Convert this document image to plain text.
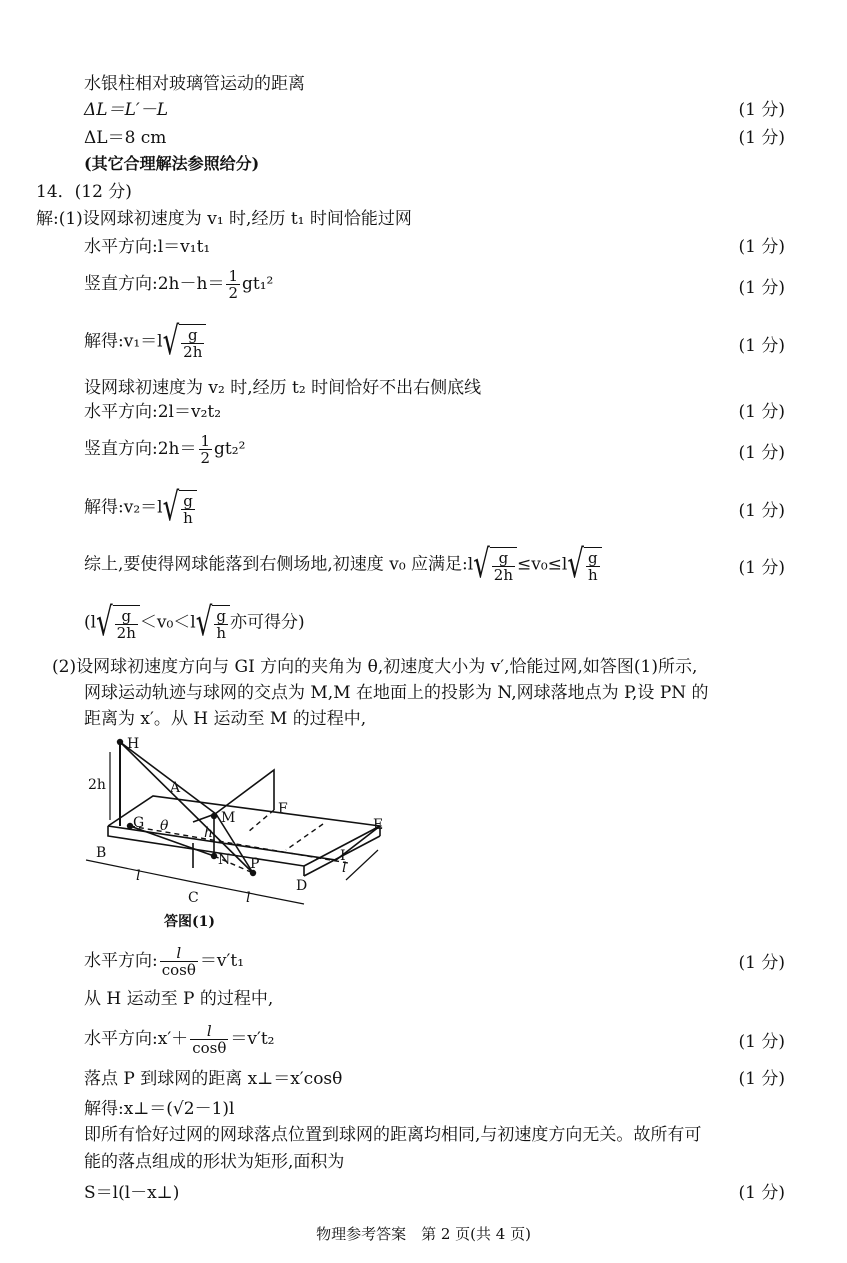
水银柱相对玻璃管运动的距离
ΔL＝L′－L	(1 分)
ΔL＝8 cm	(1 分)
(其它合理解法参照给分)
14．(12 分)
解:(1)设网球初速度为 v₁ 时,经历 t₁ 时间恰能过网
水平方向:l＝v₁t₁	(1 分)
竖直方向:2h－h＝ $\frac{1}{2} gt_1^2$	(1 分)
解得:v₁＝l√ $\frac{g}{2h}$	(1 分)
设网球初速度为 v₂ 时,经历 t₂ 时间恰好不出右侧底线
水平方向:2l＝v₂t₂	(1 分)
竖直方向:2h＝ $\frac{1}{2} gt_2^2$	(1 分)
解得:v₂＝l√ $\frac{g}{h}$	(1 分)
综上,要使得网球能落到右侧场地,初速度 v₀ 应满足:l√ $\frac{g}{2h} \le v_0\le l√ \frac{g}{h}$	(1 分)
($l√ \frac{g}{2h} <v_0<l√ \frac{g}{h}$ 亦可得分)
(2)设网球初速度方向与 GI 方向的夹角为 θ,初速度大小为 v′,恰能过网,如答图(1)所示,
网球运动轨迹与球网的交点为 M,M 在地面上的投影为 N,网球落地点为 P,设 PN 的
距离为 x′。从 H 运动至 M 的过程中,
H
2h	A
F
M
G θ	h	E
B	N P	I
l
l
l
C
D
答图(1)
水平方向: $\frac{l}{\cos\theta} =v't_1$	(1 分)
从 H 运动至 P 的过程中,
水平方向:x′＋ $\frac{l}{\cos\theta} =v't_2$	(1 分)
落点 P 到球网的距离 x⊥＝x′cosθ	(1 分)
解得:x⊥＝(√2－1)l
即所有恰好过网的网球落点位置到球网的距离均相同,与初速度方向无关。故所有可
能的落点组成的形状为矩形,面积为
S＝l(l－x⊥)	(1 分)
物理参考答案　第 2 页(共 4 页)
